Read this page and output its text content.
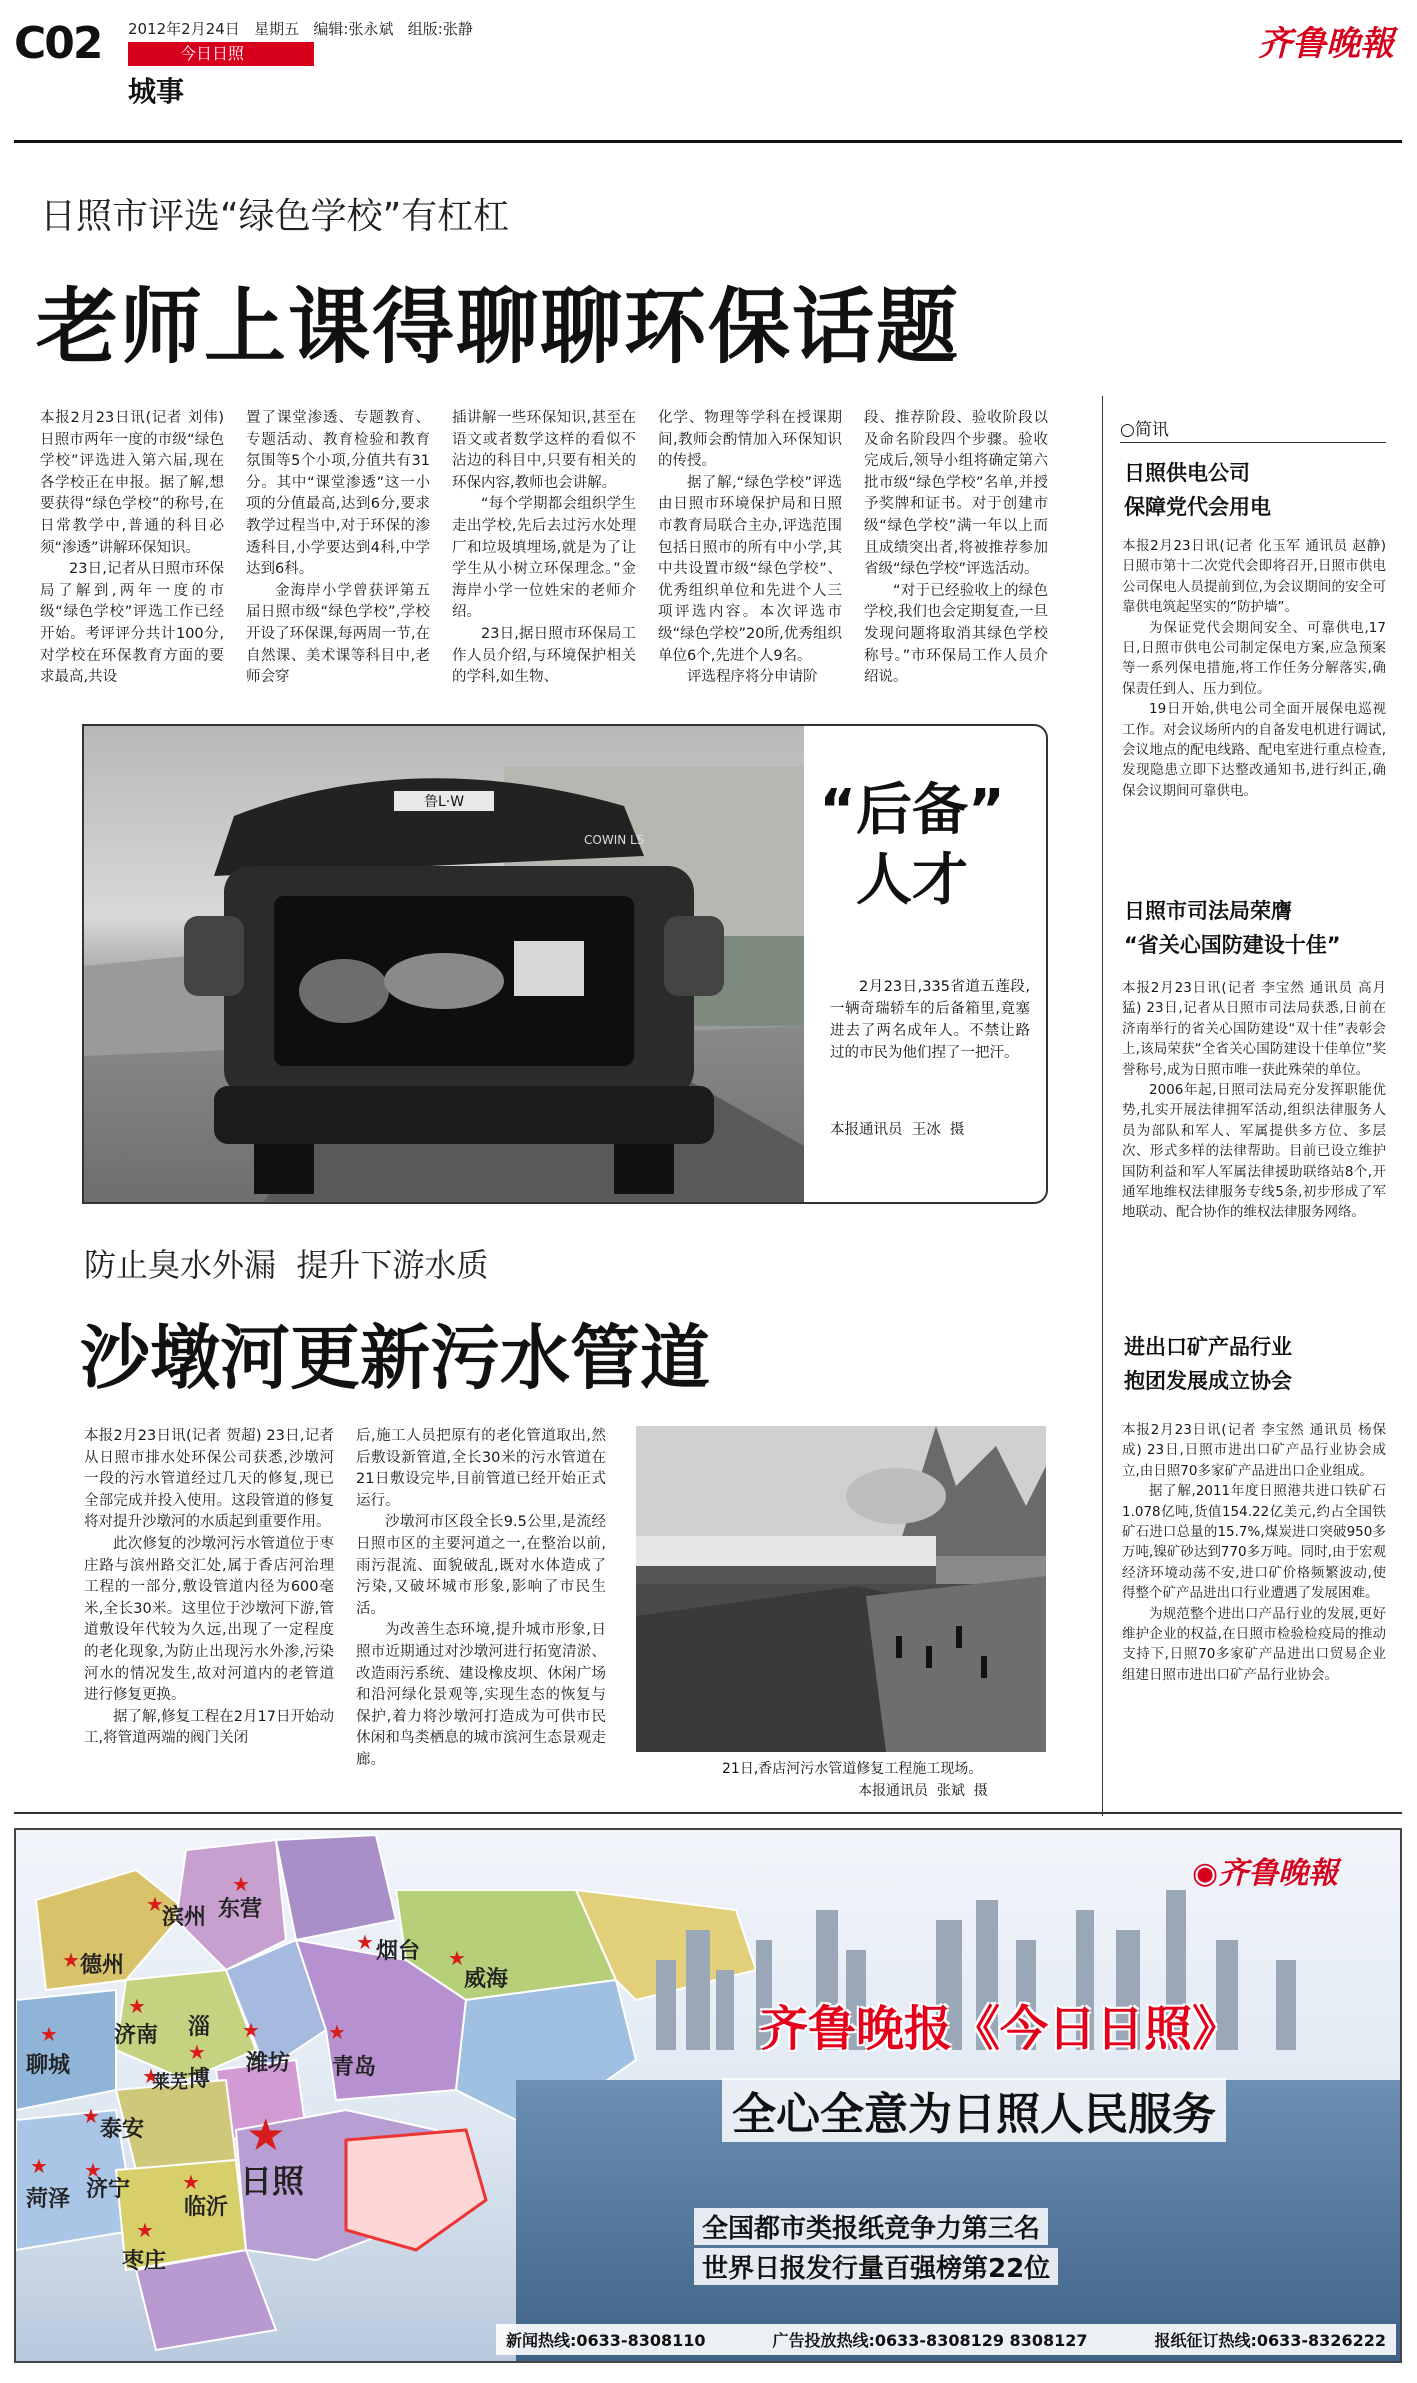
C02 2012年2月24日   星期五   编辑:张永斌   组版:张静
今日日照
城事
齐鲁晚報
日照市评选“绿色学校”有杠杠
老师上课得聊聊环保话题

本报2月23日讯(记者 刘伟) 日照市两年一度的市级“绿色学校”评选进入第六届,现在各学校正在申报。据了解,想要获得“绿色学校”的称号,在日常教学中,普通的科目必须“渗透”讲解环保知识。

23日,记者从日照市环保局了解到,两年一度的市级“绿色学校”评选工作已经开始。考评评分共计100分,对学校在环保教育方面的要求最高,共设

置了课堂渗透、专题教育、专题活动、教育检验和教育氛围等5个小项,分值共有31分。其中“课堂渗透”这一小项的分值最高,达到6分,要求教学过程当中,对于环保的渗透科目,小学要达到4科,中学达到6科。

金海岸小学曾获评第五届日照市级“绿色学校”,学校开设了环保课,每两周一节,在自然课、美术课等科目中,老师会穿

插讲解一些环保知识,甚至在语文或者数学这样的看似不沾边的科目中,只要有相关的环保内容,教师也会讲解。

“每个学期都会组织学生走出学校,先后去过污水处理厂和垃圾填埋场,就是为了让学生从小树立环保理念。”金海岸小学一位姓宋的老师介绍。

23日,据日照市环保局工作人员介绍,与环境保护相关的学科,如生物、

化学、物理等学科在授课期间,教师会酌情加入环保知识的传授。

据了解,“绿色学校”评选由日照市环境保护局和日照市教育局联合主办,评选范围包括日照市的所有中小学,其中共设置市级“绿色学校”、优秀组织单位和先进个人三项评选内容。本次评选市级“绿色学校”20所,优秀组织单位6个,先进个人9名。

评选程序将分申请阶

段、推荐阶段、验收阶段以及命名阶段四个步骤。验收完成后,领导小组将确定第六批市级“绿色学校”名单,并授予奖牌和证书。对于创建市级“绿色学校”满一年以上而且成绩突出者,将被推荐参加省级“绿色学校”评选活动。

“对于已经验收上的绿色学校,我们也会定期复查,一旦发现问题将取消其绿色学校称号。”市环保局工作人员介绍说。

鲁L·W
COWIN L5	“后备”
人才
2月23日,335省道五莲段,一辆奇瑞轿车的后备箱里,竟塞进去了两名成年人。不禁让路过的市民为他们捏了一把汗。
本报通讯员  王冰  摄
防止臭水外漏  提升下游水质
沙墩河更新污水管道

本报2月23日讯(记者 贺超) 23日,记者从日照市排水处环保公司获悉,沙墩河一段的污水管道经过几天的修复,现已全部完成并投入使用。这段管道的修复将对提升沙墩河的水质起到重要作用。

此次修复的沙墩河污水管道位于枣庄路与滨州路交汇处,属于香店河治理工程的一部分,敷设管道内径为600毫米,全长30米。这里位于沙墩河下游,管道敷设年代较为久远,出现了一定程度的老化现象,为防止出现污水外渗,污染河水的情况发生,故对河道内的老管道进行修复更换。

据了解,修复工程在2月17日开始动工,将管道两端的阀门关闭

后,施工人员把原有的老化管道取出,然后敷设新管道,全长30米的污水管道在21日敷设完毕,目前管道已经开始正式运行。

沙墩河市区段全长9.5公里,是流经日照市区的主要河道之一,在整治以前,雨污混流、面貌破乱,既对水体造成了污染,又破坏城市形象,影响了市民生活。

为改善生态环境,提升城市形象,日照市近期通过对沙墩河进行拓宽清淤、改造雨污系统、建设橡皮坝、休闲广场和沿河绿化景观等,实现生态的恢复与保护,着力将沙墩河打造成为可供市民休闲和鸟类栖息的城市滨河生态景观走廊。

21日,香店河污水管道修复工程施工现场。
本报通讯员  张斌  摄
○简讯
日照供电公司
保障党代会用电

本报2月23日讯(记者 化玉军 通讯员 赵静) 日照市第十二次党代会即将召开,日照市供电公司保电人员提前到位,为会议期间的安全可靠供电筑起坚实的“防护墙”。

为保证党代会期间安全、可靠供电,17日,日照市供电公司制定保电方案,应急预案等一系列保电措施,将工作任务分解落实,确保责任到人、压力到位。

19日开始,供电公司全面开展保电巡视工作。对会议场所内的自备发电机进行调试,会议地点的配电线路、配电室进行重点检查,发现隐患立即下达整改通知书,进行纠正,确保会议期间可靠供电。

日照市司法局荣膺
“省关心国防建设十佳”

本报2月23日讯(记者 李宝然 通讯员 高月猛) 23日,记者从日照市司法局获悉,日前在济南举行的省关心国防建设“双十佳”表彰会上,该局荣获“全省关心国防建设十佳单位”奖誉称号,成为日照市唯一获此殊荣的单位。

2006年起,日照司法局充分发挥职能优势,扎实开展法律拥军活动,组织法律服务人员为部队和军人、军属提供多方位、多层次、形式多样的法律帮助。目前已设立维护国防利益和军人军属法律援助联络站8个,开通军地维权法律服务专线5条,初步形成了军地联动、配合协作的维权法律服务网络。

进出口矿产品行业
抱团发展成立协会

本报2月23日讯(记者 李宝然 通讯员 杨保成) 23日,日照市进出口矿产品行业协会成立,由日照70多家矿产品进出口企业组成。

据了解,2011年度日照港共进口铁矿石1.078亿吨,货值154.22亿美元,约占全国铁矿石进口总量的15.7%,煤炭进口突破950多万吨,镍矿砂达到770多万吨。同时,由于宏观经济环境动荡不安,进口矿价格频繁波动,使得整个矿产品进出口行业遭遇了发展困难。

为规范整个进出口产品行业的发展,更好维护企业的权益,在日照市检验检疫局的推动支持下,日照70多家矿产品进出口贸易企业组建日照市进出口矿产品行业协会。

★ 德州
★
滨州
★
东营
★ 烟台 ★
威海
★
济南
★
聊城
淄
★
博
★
潍坊
★
青岛
★
莱芜
★
泰安
★
菏泽
★
济宁	★
临沂
★
枣庄
★
日照
◉齐鲁晚報
齐鲁晚报《今日日照》
全心全意为日照人民服务
全国都市类报纸竞争力第三名
世界日报发行量百强榜第22位
新闻热线:0633-8308110	广告投放热线:0633-8308129 8308127	报纸征订热线:0633-8326222
